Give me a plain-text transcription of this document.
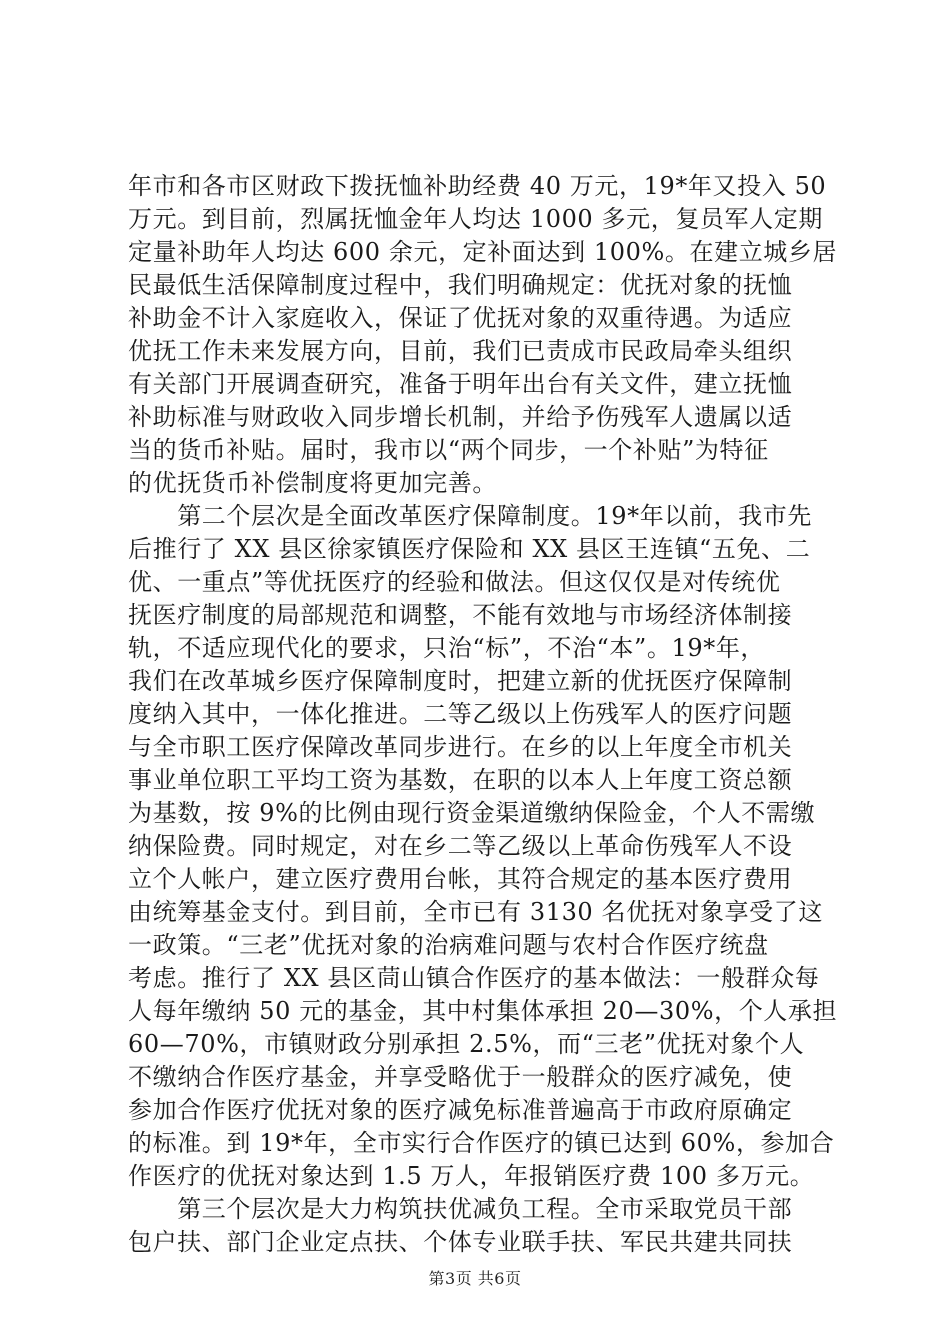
年市和各市区财政下拨抚恤补助经费 40 万元，19*年又投入 50
万元。到目前，烈属抚恤金年人均达 1000 多元，复员军人定期
定量补助年人均达 600 余元，定补面达到 100%。在建立城乡居
民最低生活保障制度过程中，我们明确规定：优抚对象的抚恤
补助金不计入家庭收入，保证了优抚对象的双重待遇。为适应
优抚工作未来发展方向，目前，我们已责成市民政局牵头组织
有关部门开展调查研究，准备于明年出台有关文件，建立抚恤
补助标准与财政收入同步增长机制，并给予伤残军人遗属以适
当的货币补贴。届时，我市以“两个同步，一个补贴”为特征
的优抚货币补偿制度将更加完善。
　　第二个层次是全面改革医疗保障制度。19*年以前，我市先
后推行了 XX 县区徐家镇医疗保险和 XX 县区王连镇“五免、二
优、一重点”等优抚医疗的经验和做法。但这仅仅是对传统优
抚医疗制度的局部规范和调整，不能有效地与市场经济体制接
轨，不适应现代化的要求，只治“标”，不治“本”。19*年，
我们在改革城乡医疗保障制度时，把建立新的优抚医疗保障制
度纳入其中，一体化推进。二等乙级以上伤残军人的医疗问题
与全市职工医疗保障改革同步进行。在乡的以上年度全市机关
事业单位职工平均工资为基数，在职的以本人上年度工资总额
为基数，按 9%的比例由现行资金渠道缴纳保险金，个人不需缴
纳保险费。同时规定，对在乡二等乙级以上革命伤残军人不设
立个人帐户，建立医疗费用台帐，其符合规定的基本医疗费用
由统筹基金支付。到目前，全市已有 3130 名优抚对象享受了这
一政策。“三老”优抚对象的治病难问题与农村合作医疗统盘
考虑。推行了 XX 县区茼山镇合作医疗的基本做法：一般群众每
人每年缴纳 50 元的基金，其中村集体承担 20—30%，个人承担
60—70%，市镇财政分别承担 2.5%，而“三老”优抚对象个人
不缴纳合作医疗基金，并享受略优于一般群众的医疗减免，使
参加合作医疗优抚对象的医疗减免标准普遍高于市政府原确定
的标准。到 19*年，全市实行合作医疗的镇已达到 60%，参加合
作医疗的优抚对象达到 1.5 万人，年报销医疗费 100 多万元。
　　第三个层次是大力构筑扶优减负工程。全市采取党员干部
包户扶、部门企业定点扶、个体专业联手扶、军民共建共同扶
第3页 共6页
